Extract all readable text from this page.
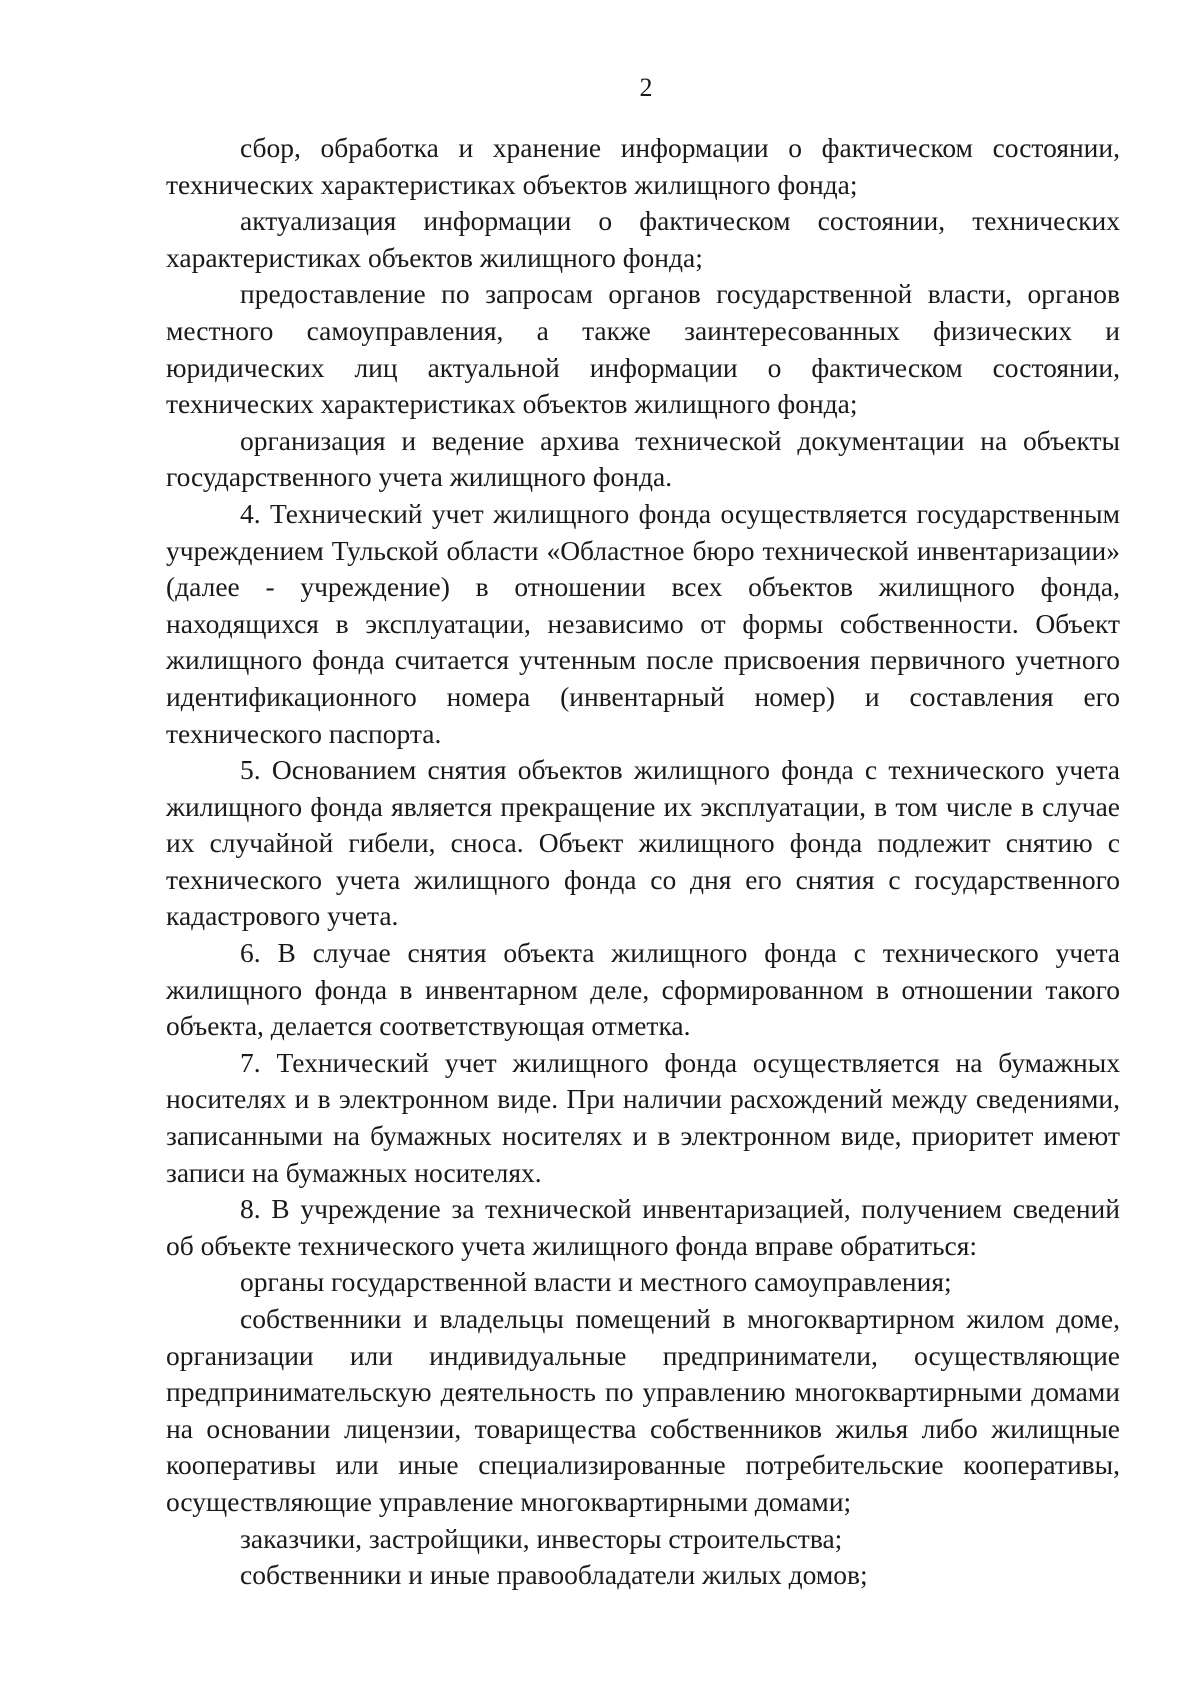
2

сбор, обработка и хранение информации о фактическом состоянии, технических характеристиках объектов жилищного фонда;

актуализация информации о фактическом состоянии, технических характеристиках объектов жилищного фонда;

предоставление по запросам органов государственной власти, органов местного самоуправления, а также заинтересованных физических и юридических лиц актуальной информации о фактическом состоянии, технических характеристиках объектов жилищного фонда;

организация и ведение архива технической документации на объекты государственного учета жилищного фонда.

4. Технический учет жилищного фонда осуществляется государственным учреждением Тульской области «Областное бюро технической инвентаризации» (далее - учреждение) в отношении всех объектов жилищного фонда, находящихся в эксплуатации, независимо от формы собственности. Объект жилищного фонда считается учтенным после присвоения первичного учетного идентификационного номера (инвентарный номер) и составления его технического паспорта.

5. Основанием снятия объектов жилищного фонда с технического учета жилищного фонда является прекращение их эксплуатации, в том числе в случае их случайной гибели, сноса. Объект жилищного фонда подлежит снятию с технического учета жилищного фонда со дня его снятия с государственного кадастрового учета.

6. В случае снятия объекта жилищного фонда с технического учета жилищного фонда в инвентарном деле, сформированном в отношении такого объекта, делается соответствующая отметка.

7. Технический учет жилищного фонда осуществляется на бумажных носителях и в электронном виде. При наличии расхождений между сведениями, записанными на бумажных носителях и в электронном виде, приоритет имеют записи на бумажных носителях.

8. В учреждение за технической инвентаризацией, получением сведений об объекте технического учета жилищного фонда вправе обратиться:

органы государственной власти и местного самоуправления;

собственники и владельцы помещений в многоквартирном жилом доме, организации или индивидуальные предприниматели, осуществляющие предпринимательскую деятельность по управлению многоквартирными домами на основании лицензии, товарищества собственников жилья либо жилищные кооперативы или иные специализированные потребительские кооперативы, осуществляющие управление многоквартирными домами;

заказчики, застройщики, инвесторы строительства;

собственники и иные правообладатели жилых домов;
